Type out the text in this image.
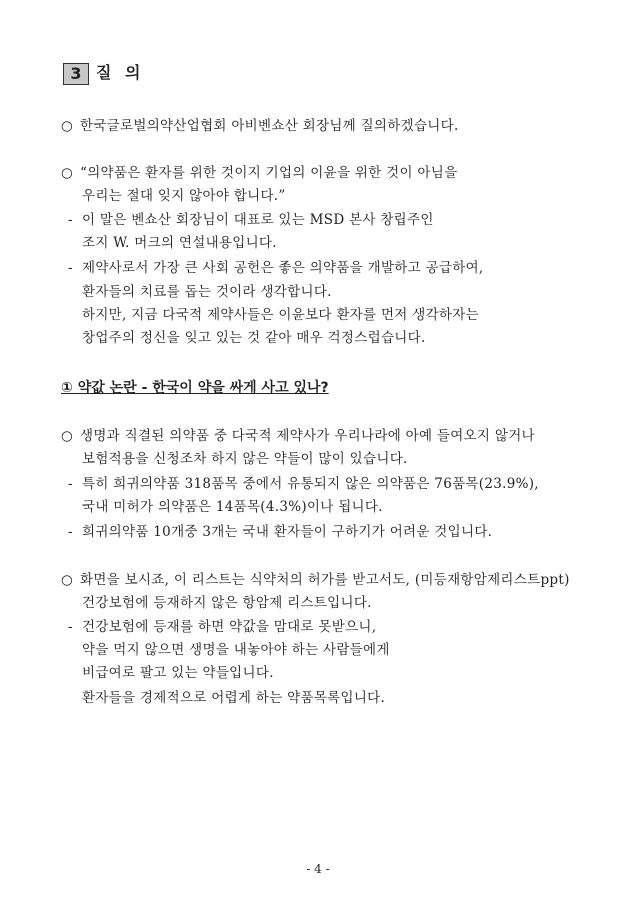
3 질 의
○ 한국글로벌의약산업협회 아비벤쇼산 회장님께 질의하겠습니다.
○ “의약품은 환자를 위한 것이지 기업의 이윤을 위한 것이 아님을
우리는 절대 잊지 않아야 합니다.”
- 이 말은 벤쇼산 회장님이 대표로 있는 MSD 본사 창립주인
조지 W. 머크의 연설내용입니다.
- 제약사로서 가장 큰 사회 공헌은 좋은 의약품을 개발하고 공급하여,
환자들의 치료를 돕는 것이라 생각합니다.
하지만, 지금 다국적 제약사들은 이윤보다 환자를 먼저 생각하자는
창업주의 정신을 잊고 있는 것 같아 매우 걱정스럽습니다.
① 약값 논란 - 한국이 약을 싸게 사고 있나?
○ 생명과 직결된 의약품 중 다국적 제약사가 우리나라에 아예 들여오지 않거나
보험적용을 신청조차 하지 않은 약들이 많이 있습니다.
- 특히 희귀의약품 318품목 중에서 유통되지 않은 의약품은 76품목(23.9%),
국내 미허가 의약품은 14품목(4.3%)이나 됩니다.
- 희귀의약품 10개중 3개는 국내 환자들이 구하기가 어려운 것입니다.
○ 화면을 보시죠, 이 리스트는 식약처의 허가를 받고서도, (미등재항암제리스트ppt)
건강보험에 등재하지 않은 항암제 리스트입니다.
- 건강보험에 등재를 하면 약값을 맘대로 못받으니,
약을 먹지 않으면 생명을 내놓아야 하는 사람들에게
비급여로 팔고 있는 약들입니다.
환자들을 경제적으로 어렵게 하는 약품목록입니다.
- 4 -
